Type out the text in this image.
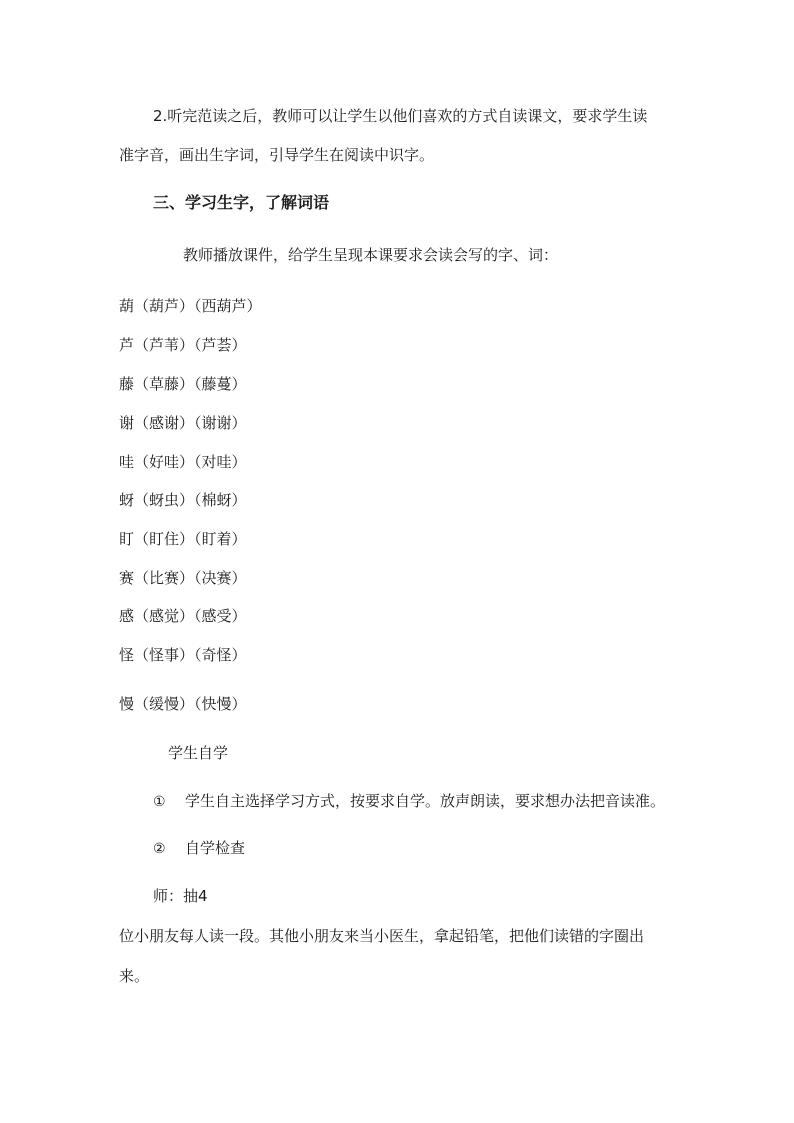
2.听完范读之后，教师可以让学生以他们喜欢的方式自读课文，要求学生读
准字音，画出生字词，引导学生在阅读中识字。
三、学习生字，了解词语
教师播放课件，给学生呈现本课要求会读会写的字、词：
葫（葫芦）（西葫芦）
芦（芦苇）（芦荟）
藤（草藤）（藤蔓）
谢（感谢）（谢谢）
哇（好哇）（对哇）
蚜（蚜虫）（棉蚜）
盯（盯住）（盯着）
赛（比赛）（决赛）
感（感觉）（感受）
怪（怪事）（奇怪）
慢（缓慢）（快慢）
学生自学
① 学生自主选择学习方式，按要求自学。放声朗读，要求想办法把音读准。
② 自学检查
师：抽4
位小朋友每人读一段。其他小朋友来当小医生，拿起铅笔，把他们读错的字圈出
来。
